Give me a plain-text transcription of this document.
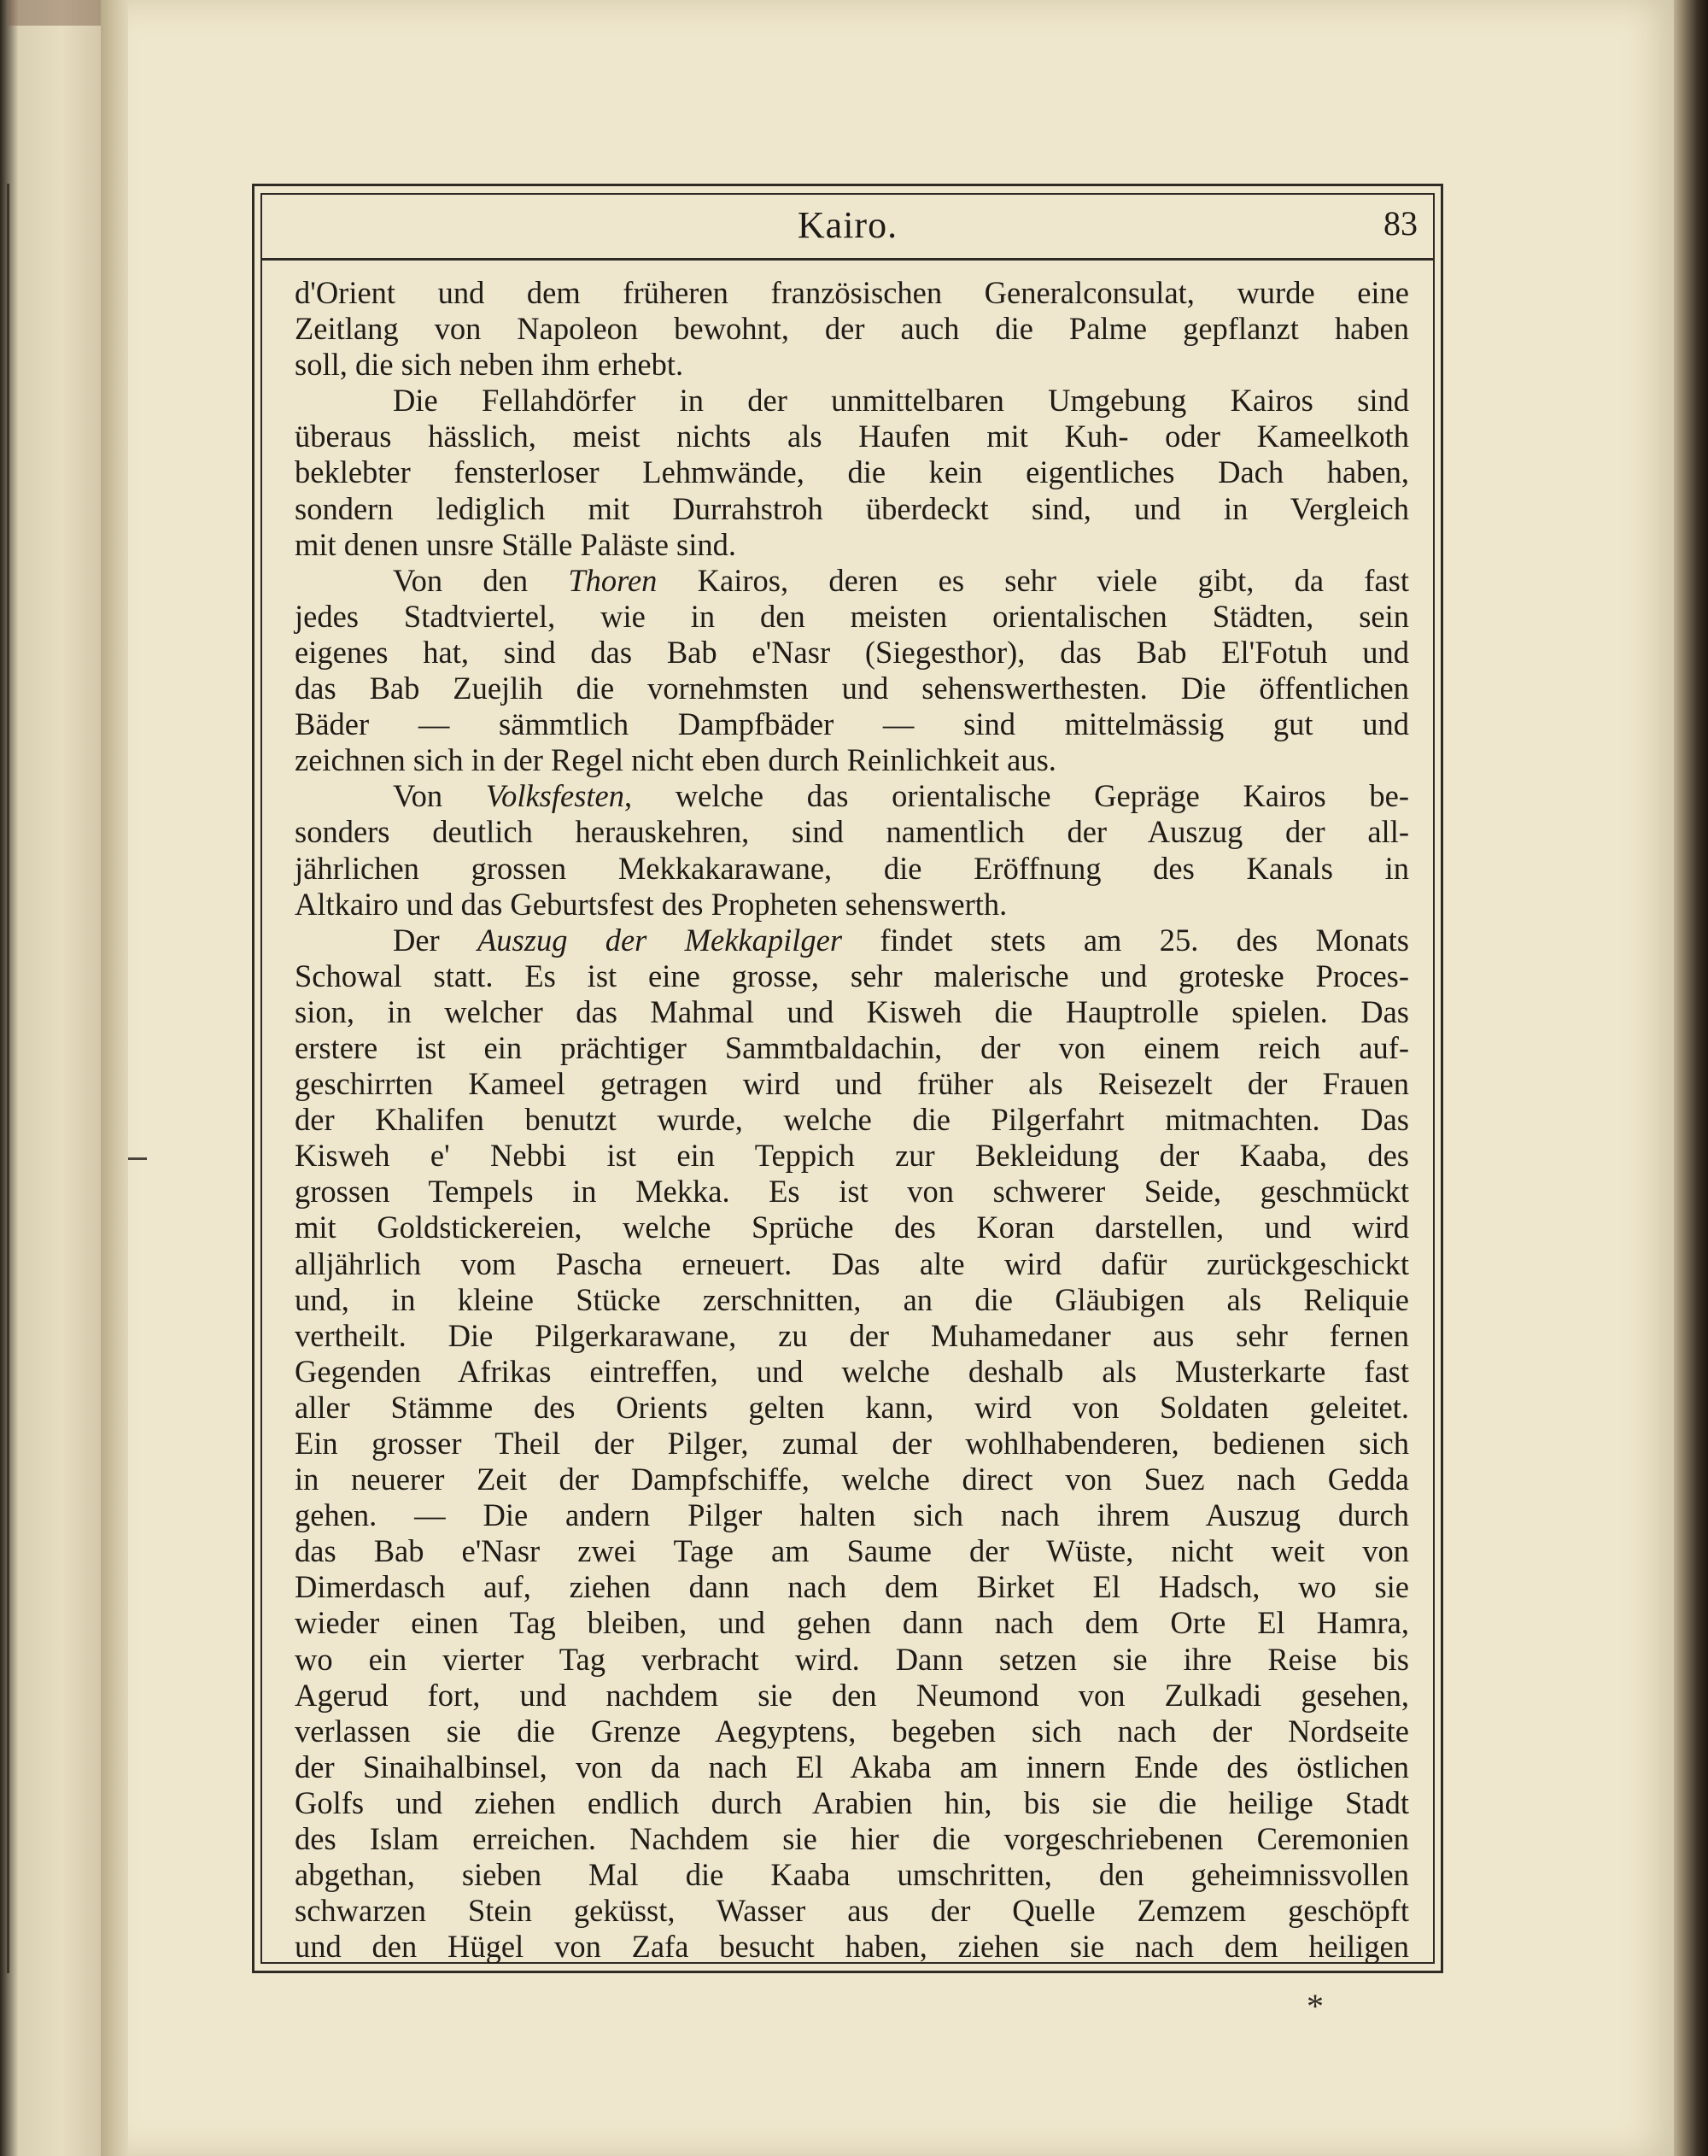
Kairo.	83
d'Orient und dem früheren französischen Generalconsulat, wurde eine
Zeitlang von Napoleon bewohnt, der auch die Palme gepflanzt haben
soll, die sich neben ihm erhebt.
Die Fellahdörfer in der unmittelbaren Umgebung Kairos sind
überaus hässlich, meist nichts als Haufen mit Kuh- oder Kameelkoth
beklebter fensterloser Lehmwände, die kein eigentliches Dach haben,
sondern lediglich mit Durrahstroh überdeckt sind, und in Vergleich
mit denen unsre Ställe Paläste sind.
Von den Thoren Kairos, deren es sehr viele gibt, da fast
jedes Stadtviertel, wie in den meisten orientalischen Städten, sein
eigenes hat, sind das Bab e'Nasr (Siegesthor), das Bab El'Fotuh und
das Bab Zuejlih die vornehmsten und sehenswerthesten. Die öffentlichen
Bäder — sämmtlich Dampfbäder — sind mittelmässig gut und
zeichnen sich in der Regel nicht eben durch Reinlichkeit aus.
Von Volksfesten, welche das orientalische Gepräge Kairos be-
sonders deutlich herauskehren, sind namentlich der Auszug der all-
jährlichen grossen Mekkakarawane, die Eröffnung des Kanals in
Altkairo und das Geburtsfest des Propheten sehenswerth.
Der Auszug der Mekkapilger findet stets am 25. des Monats
Schowal statt. Es ist eine grosse, sehr malerische und groteske Proces-
sion, in welcher das Mahmal und Kisweh die Hauptrolle spielen. Das
erstere ist ein prächtiger Sammtbaldachin, der von einem reich auf-
geschirrten Kameel getragen wird und früher als Reisezelt der Frauen
der Khalifen benutzt wurde, welche die Pilgerfahrt mitmachten. Das
Kisweh e' Nebbi ist ein Teppich zur Bekleidung der Kaaba, des
grossen Tempels in Mekka. Es ist von schwerer Seide, geschmückt
mit Goldstickereien, welche Sprüche des Koran darstellen, und wird
alljährlich vom Pascha erneuert. Das alte wird dafür zurückgeschickt
und, in kleine Stücke zerschnitten, an die Gläubigen als Reliquie
vertheilt. Die Pilgerkarawane, zu der Muhamedaner aus sehr fernen
Gegenden Afrikas eintreffen, und welche deshalb als Musterkarte fast
aller Stämme des Orients gelten kann, wird von Soldaten geleitet.
Ein grosser Theil der Pilger, zumal der wohlhabenderen, bedienen sich
in neuerer Zeit der Dampfschiffe, welche direct von Suez nach Gedda
gehen. — Die andern Pilger halten sich nach ihrem Auszug durch
das Bab e'Nasr zwei Tage am Saume der Wüste, nicht weit von
Dimerdasch auf, ziehen dann nach dem Birket El Hadsch, wo sie
wieder einen Tag bleiben, und gehen dann nach dem Orte El Hamra,
wo ein vierter Tag verbracht wird. Dann setzen sie ihre Reise bis
Agerud fort, und nachdem sie den Neumond von Zulkadi gesehen,
verlassen sie die Grenze Aegyptens, begeben sich nach der Nordseite
der Sinaihalbinsel, von da nach El Akaba am innern Ende des östlichen
Golfs und ziehen endlich durch Arabien hin, bis sie die heilige Stadt
des Islam erreichen. Nachdem sie hier die vorgeschriebenen Ceremonien
abgethan, sieben Mal die Kaaba umschritten, den geheimnissvollen
schwarzen Stein geküsst, Wasser aus der Quelle Zemzem geschöpft
und den Hügel von Zafa besucht haben, ziehen sie nach dem heiligen
*
